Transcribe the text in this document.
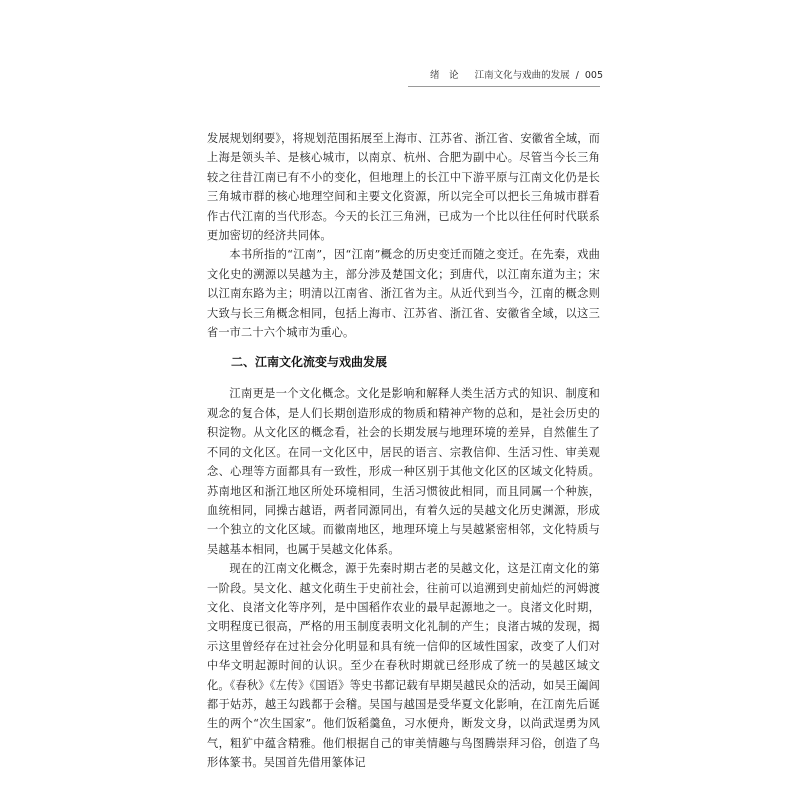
绪　论 江南文化与戏曲的发展 / 005

发展规划纲要》，将规划范围拓展至上海市、江苏省、浙江省、安徽省全域，而上海是领头羊、是核心城市，以南京、杭州、合肥为副中心。尽管当今长三角较之往昔江南已有不小的变化，但地理上的长江中下游平原与江南文化仍是长三角城市群的核心地理空间和主要文化资源，所以完全可以把长三角城市群看作古代江南的当代形态。今天的长江三角洲，已成为一个比以往任何时代联系更加密切的经济共同体。

本书所指的“江南”，因“江南”概念的历史变迁而随之变迁。在先秦，戏曲文化史的溯源以吴越为主，部分涉及楚国文化；到唐代，以江南东道为主；宋以江南东路为主；明清以江南省、浙江省为主。从近代到当今，江南的概念则大致与长三角概念相同，包括上海市、江苏省、浙江省、安徽省全域，以这三省一市二十六个城市为重心。

二、江南文化流变与戏曲发展

江南更是一个文化概念。文化是影响和解释人类生活方式的知识、制度和观念的复合体，是人们长期创造形成的物质和精神产物的总和，是社会历史的积淀物。从文化区的概念看，社会的长期发展与地理环境的差异，自然催生了不同的文化区。在同一文化区中，居民的语言、宗教信仰、生活习性、审美观念、心理等方面都具有一致性，形成一种区别于其他文化区的区域文化特质。苏南地区和浙江地区所处环境相同，生活习惯彼此相同，而且同属一个种族，血统相同，同操古越语，两者同源同出，有着久远的吴越文化历史渊源，形成一个独立的文化区域。而徽南地区，地理环境上与吴越紧密相邻，文化特质与吴越基本相同，也属于吴越文化体系。

现在的江南文化概念，源于先秦时期古老的吴越文化，这是江南文化的第一阶段。吴文化、越文化萌生于史前社会，往前可以追溯到史前灿烂的河姆渡文化、良渚文化等序列，是中国稻作农业的最早起源地之一。良渚文化时期，文明程度已很高，严格的用玉制度表明文化礼制的产生；良渚古城的发现，揭示这里曾经存在过社会分化明显和具有统一信仰的区域性国家，改变了人们对中华文明起源时间的认识。至少在春秋时期就已经形成了统一的吴越区域文化。《春秋》《左传》《国语》等史书都记载有早期吴越民众的活动，如吴王阖闾都于姑苏，越王勾践都于会稽。吴国与越国是受华夏文化影响，在江南先后诞生的两个“次生国家”。他们饭稻羹鱼，习水便舟，断发文身，以尚武逞勇为风气，粗犷中蕴含精雅。他们根据自己的审美情趣与鸟图腾崇拜习俗，创造了鸟形体篆书。吴国首先借用篆体记
